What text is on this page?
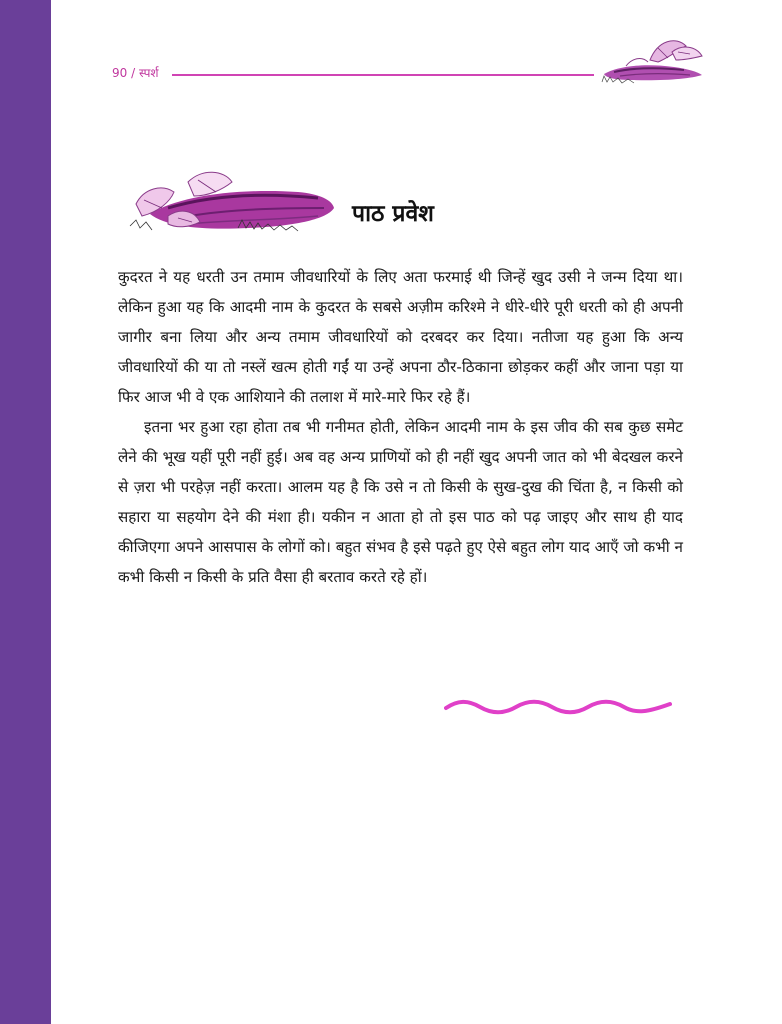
90 / स्पर्श
पाठ प्रवेश

कुदरत ने यह धरती उन तमाम जीवधारियों के लिए अता फरमाई थी जिन्हें खुद उसी ने जन्म दिया था। लेकिन हुआ यह कि आदमी नाम के कुदरत के सबसे अज़ीम करिश्मे ने धीरे-धीरे पूरी धरती को ही अपनी जागीर बना लिया और अन्य तमाम जीवधारियों को दरबदर कर दिया। नतीजा यह हुआ कि अन्य जीवधारियों की या तो नस्लें खत्म होती गईं या उन्हें अपना ठौर-ठिकाना छोड़कर कहीं और जाना पड़ा या फिर आज भी वे एक आशियाने की तलाश में मारे-मारे फिर रहे हैं।

इतना भर हुआ रहा होता तब भी गनीमत होती, लेकिन आदमी नाम के इस जीव की सब कुछ समेट लेने की भूख यहीं पूरी नहीं हुई। अब वह अन्य प्राणियों को ही नहीं खुद अपनी जात को भी बेदखल करने से ज़रा भी परहेज़ नहीं करता। आलम यह है कि उसे न तो किसी के सुख-दुख की चिंता है, न किसी को सहारा या सहयोग देने की मंशा ही। यकीन न आता हो तो इस पाठ को पढ़ जाइए और साथ ही याद कीजिएगा अपने आसपास के लोगों को। बहुत संभव है इसे पढ़ते हुए ऐसे बहुत लोग याद आएँ जो कभी न कभी किसी न किसी के प्रति वैसा ही बरताव करते रहे हों।
